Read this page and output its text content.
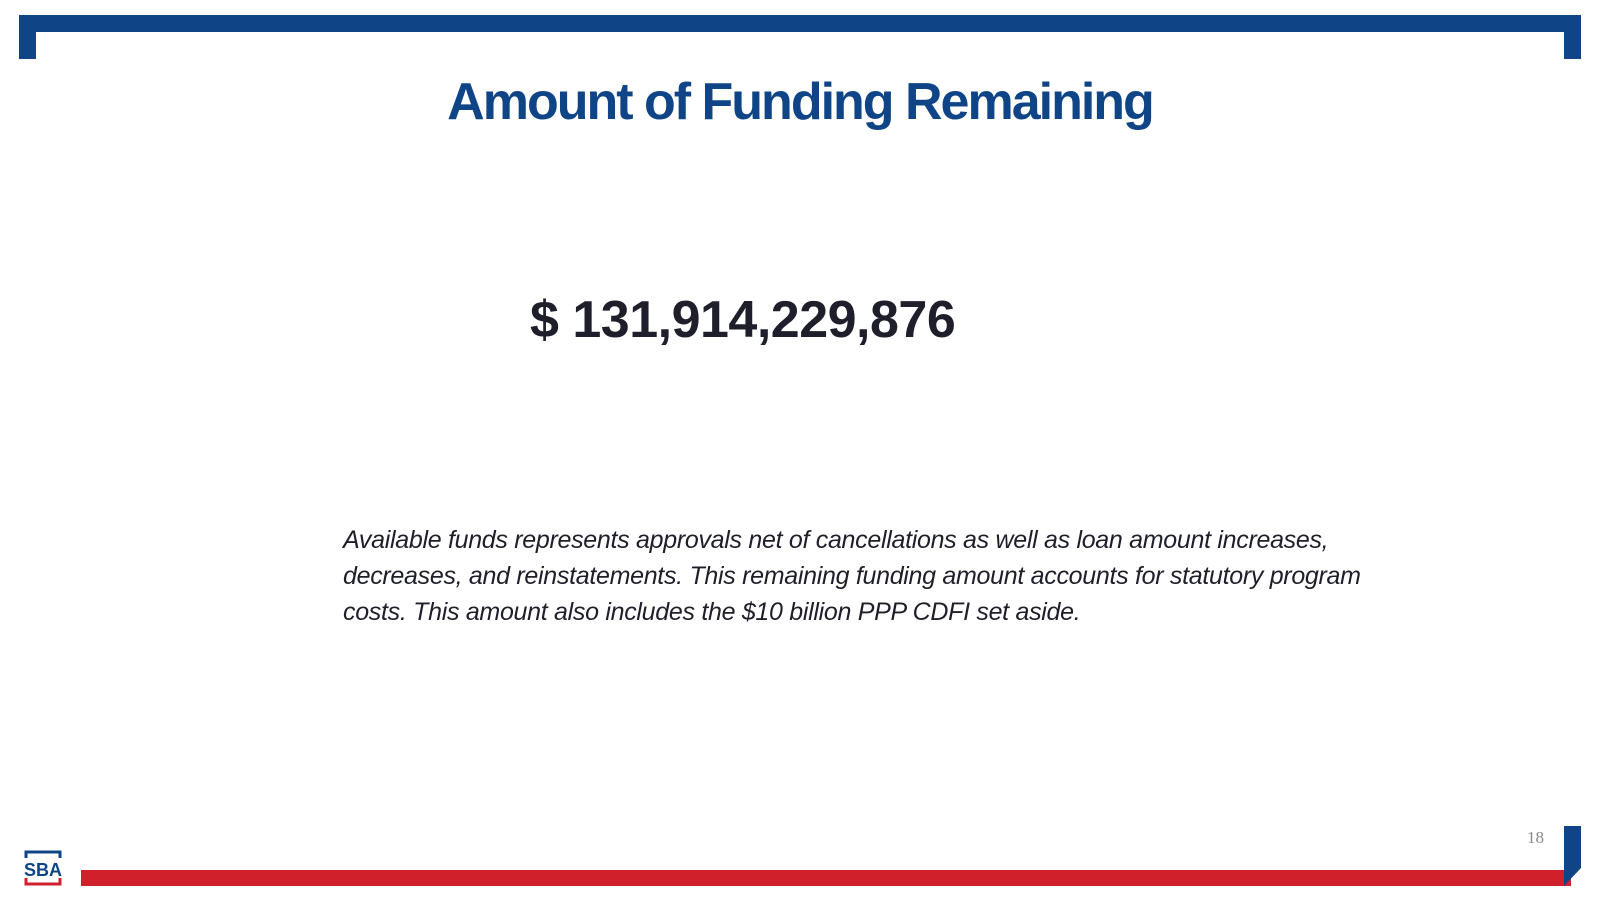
Amount of Funding Remaining
$ 131,914,229,876

Available funds represents approvals net of cancellations as well as loan amount increases, decreases, and reinstatements. This remaining funding amount accounts for statutory program costs. This amount also includes the $10 billion PPP CDFI set aside.

18
SBA
